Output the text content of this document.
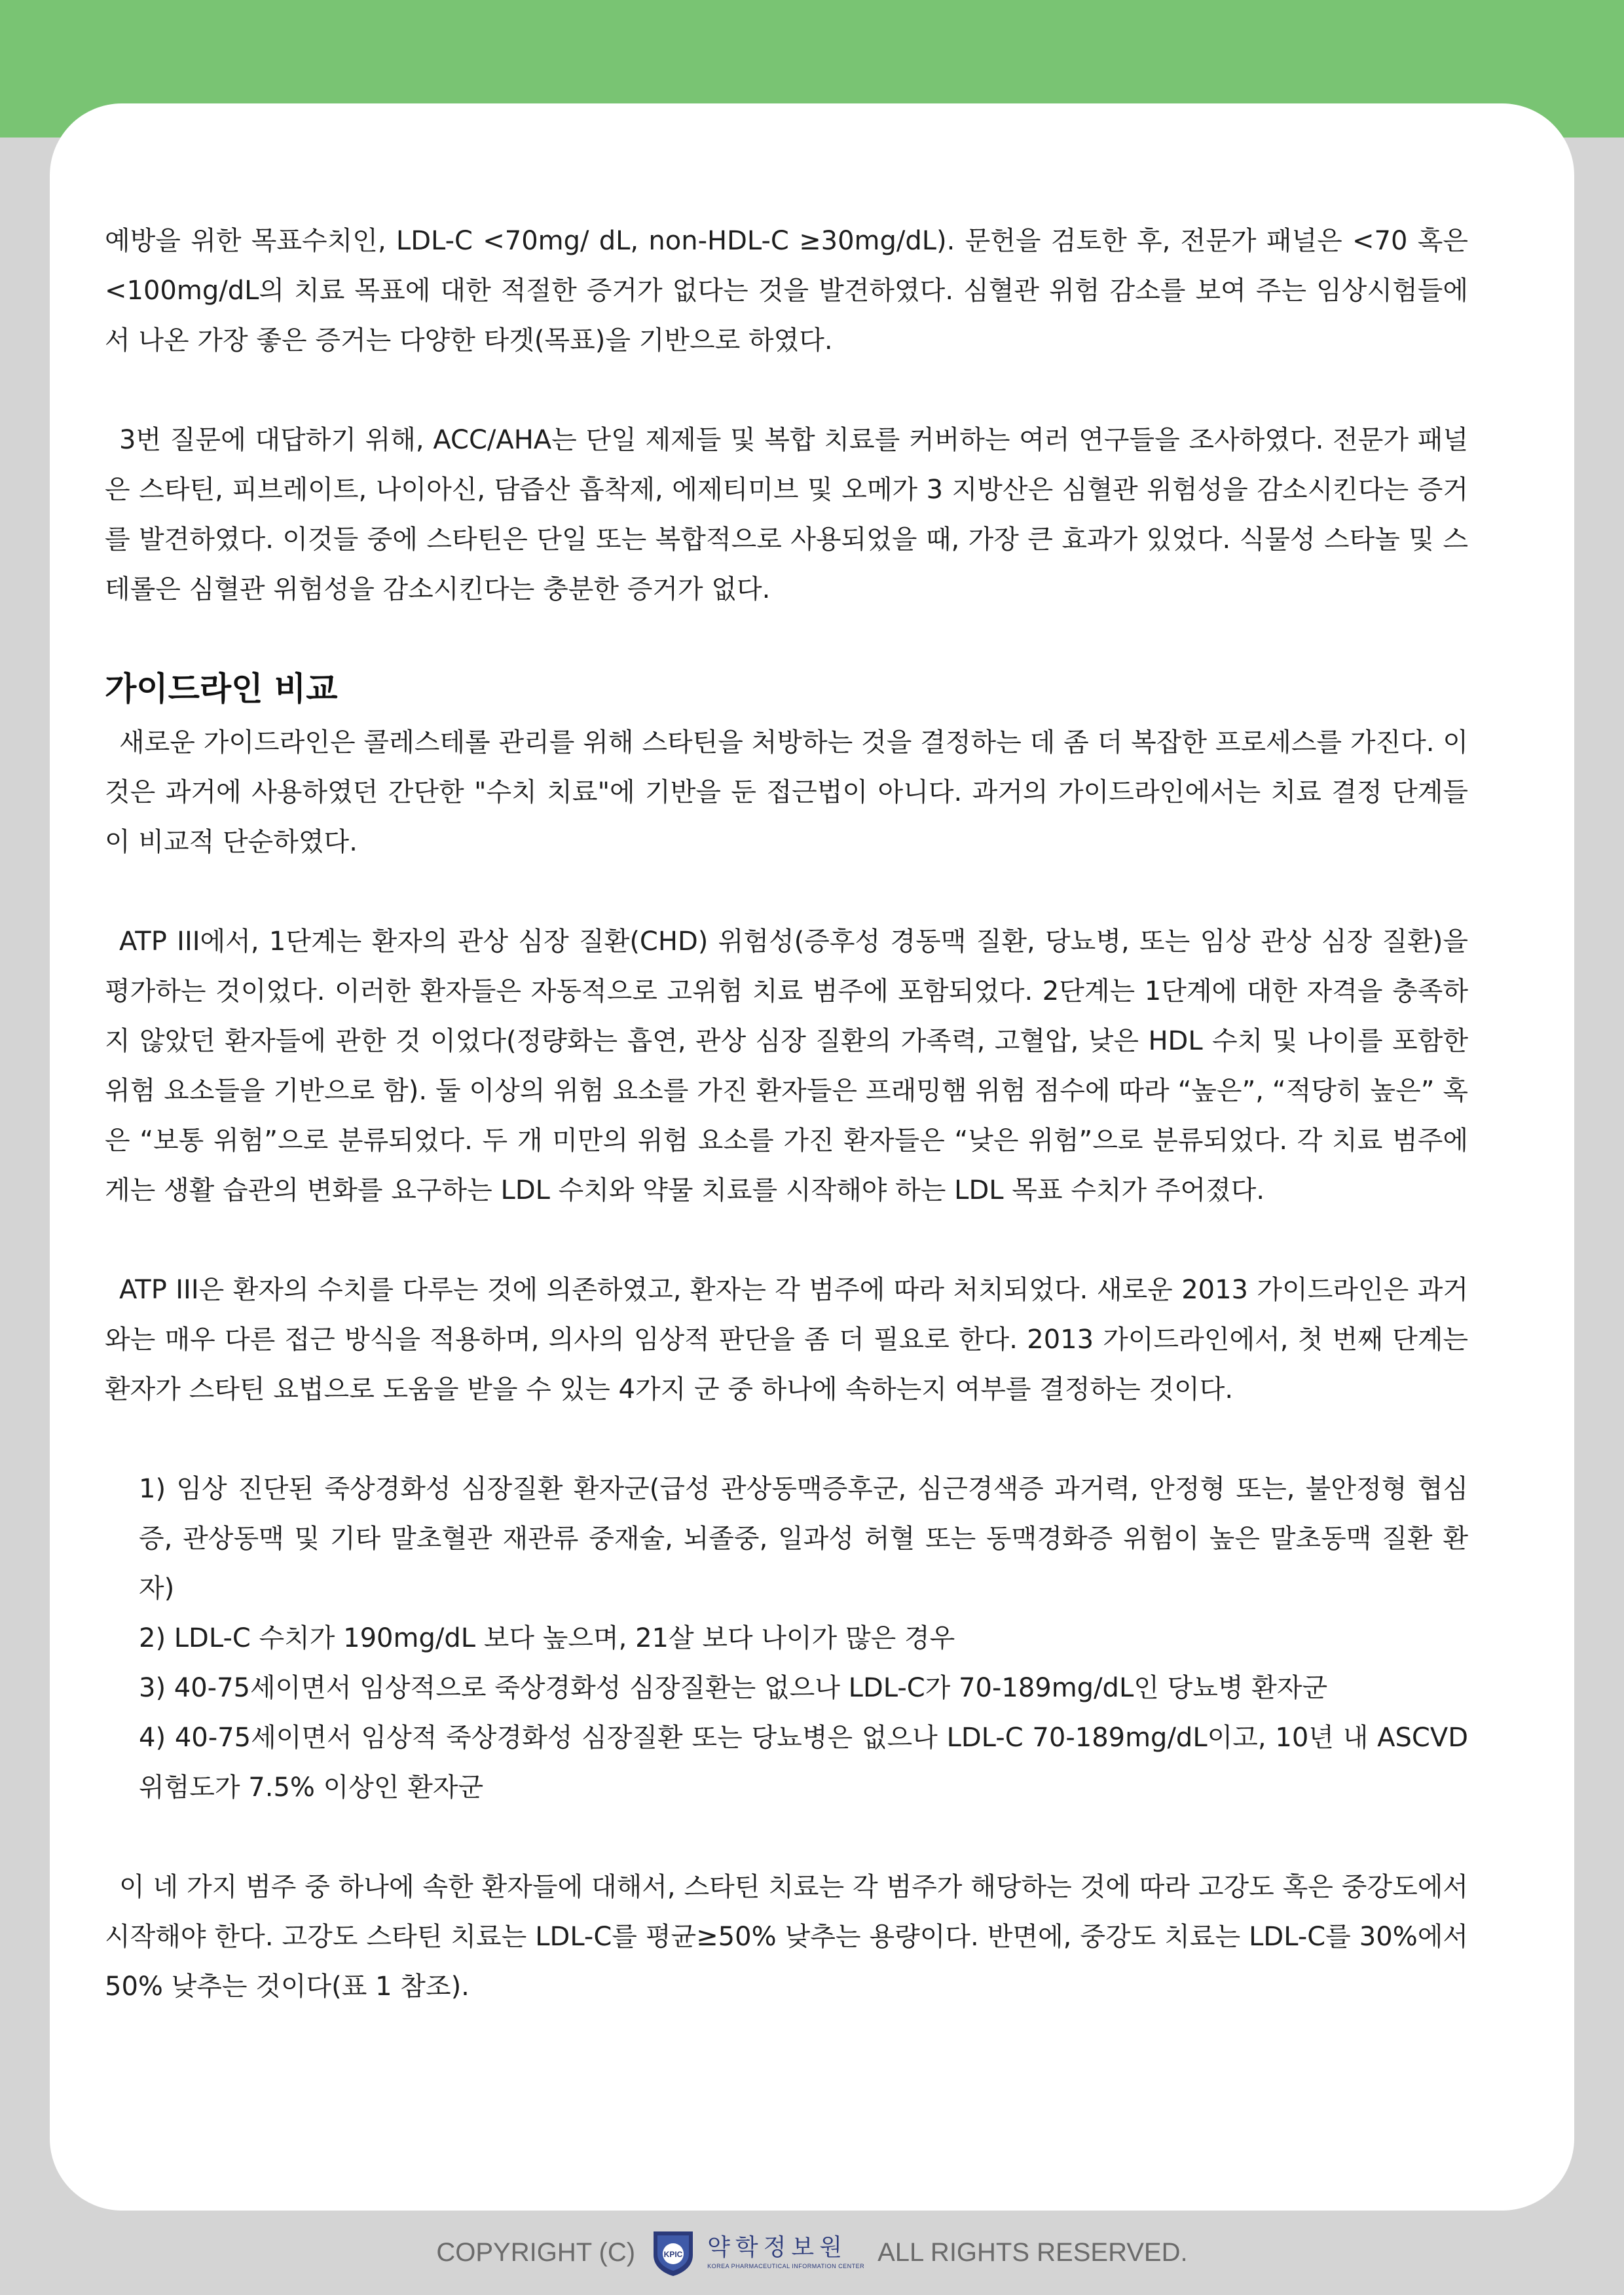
예방을 위한 목표수치인, LDL-C <70mg/ dL, non-HDL-C ≥30mg/dL). 문헌을 검토한 후, 전문가 패널은 <70 혹은 <100mg/dL의 치료 목표에 대한 적절한 증거가 없다는 것을 발견하였다. 심혈관 위험 감소를 보여 주는 임상시험들에서 나온 가장 좋은 증거는 다양한 타겟(목표)을 기반으로 하였다.

3번 질문에 대답하기 위해, ACC/AHA는 단일 제제들 및 복합 치료를 커버하는 여러 연구들을 조사하였다. 전문가 패널은 스타틴, 피브레이트, 나이아신, 담즙산 흡착제, 에제티미브 및 오메가 3 지방산은 심혈관 위험성을 감소시킨다는 증거를 발견하였다. 이것들 중에 스타틴은 단일 또는 복합적으로 사용되었을 때, 가장 큰 효과가 있었다. 식물성 스타놀 및 스테롤은 심혈관 위험성을 감소시킨다는 충분한 증거가 없다.

가이드라인 비교

새로운 가이드라인은 콜레스테롤 관리를 위해 스타틴을 처방하는 것을 결정하는 데 좀 더 복잡한 프로세스를 가진다. 이것은 과거에 사용하였던 간단한 "수치 치료"에 기반을 둔 접근법이 아니다. 과거의 가이드라인에서는 치료 결정 단계들이 비교적 단순하였다.

ATP III에서, 1단계는 환자의 관상 심장 질환(CHD) 위험성(증후성 경동맥 질환, 당뇨병, 또는 임상 관상 심장 질환)을 평가하는 것이었다. 이러한 환자들은 자동적으로 고위험 치료 범주에 포함되었다. 2단계는 1단계에 대한 자격을 충족하지 않았던 환자들에 관한 것 이었다(정량화는 흡연, 관상 심장 질환의 가족력, 고혈압, 낮은 HDL 수치 및 나이를 포함한 위험 요소들을 기반으로 함). 둘 이상의 위험 요소를 가진 환자들은 프래밍햄 위험 점수에 따라 “높은”, “적당히 높은” 혹은 “보통 위험”으로 분류되었다. 두 개 미만의 위험 요소를 가진 환자들은 “낮은 위험”으로 분류되었다. 각 치료 범주에게는 생활 습관의 변화를 요구하는 LDL 수치와 약물 치료를 시작해야 하는 LDL 목표 수치가 주어졌다.

ATP III은 환자의 수치를 다루는 것에 의존하였고, 환자는 각 범주에 따라 처치되었다. 새로운 2013 가이드라인은 과거와는 매우 다른 접근 방식을 적용하며, 의사의 임상적 판단을 좀 더 필요로 한다. 2013 가이드라인에서, 첫 번째 단계는 환자가 스타틴 요법으로 도움을 받을 수 있는 4가지 군 중 하나에 속하는지 여부를 결정하는 것이다.

1) 임상 진단된 죽상경화성 심장질환 환자군(급성 관상동맥증후군, 심근경색증 과거력, 안정형 또는, 불안정형 협심증, 관상동맥 및 기타 말초혈관 재관류 중재술, 뇌졸중, 일과성 허혈 또는 동맥경화증 위험이 높은 말초동맥 질환 환자)
2) LDL-C 수치가 190mg/dL 보다 높으며, 21살 보다 나이가 많은 경우
3) 40-75세이면서 임상적으로 죽상경화성 심장질환는 없으나 LDL-C가 70-189mg/dL인 당뇨병 환자군
4) 40-75세이면서 임상적 죽상경화성 심장질환 또는 당뇨병은 없으나 LDL-C 70-189mg/dL이고, 10년 내 ASCVD 위험도가 7.5% 이상인 환자군

이 네 가지 범주 중 하나에 속한 환자들에 대해서, 스타틴 치료는 각 범주가 해당하는 것에 따라 고강도 혹은 중강도에서 시작해야 한다. 고강도 스타틴 치료는 LDL-C를 평균≥50% 낮추는 용량이다. 반면에, 중강도 치료는 LDL-C를 30%에서 50% 낮추는 것이다(표 1 참조).

COPYRIGHT (C)	KPIC 약학정보원
KOREA PHARMACEUTICAL INFORMATION CENTER ALL RIGHTS RESERVED.
